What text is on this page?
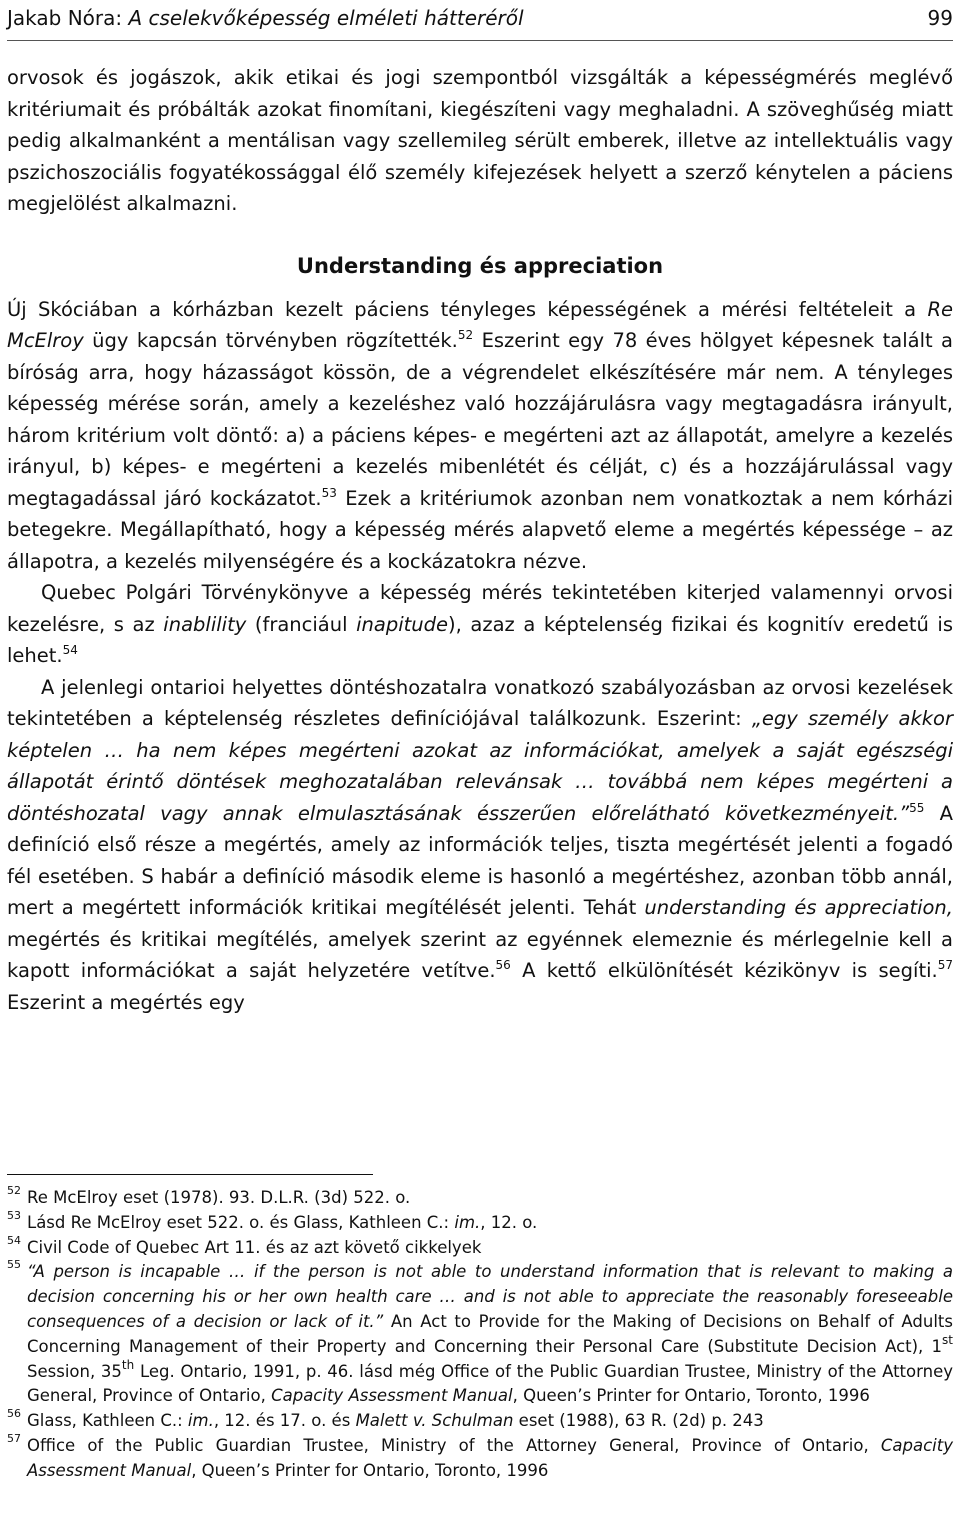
Jakab Nóra: A cselekvőképesség elméleti hátteréről	99

orvosok és jogászok, akik etikai és jogi szempontból vizsgálták a képességmérés meglévő kritériumait és próbálták azokat finomítani, kiegészíteni vagy meghaladni. A szöveghűség miatt pedig alkalmanként a mentálisan vagy szellemileg sérült emberek, illetve az intellektuális vagy pszichoszociális fogyatékossággal élő személy kifejezések helyett a szerző kénytelen a páciens megjelölést alkalmazni.

Understanding és appreciation

Új Skóciában a kórházban kezelt páciens tényleges képességének a mérési feltételeit a Re McElroy ügy kapcsán törvényben rögzítették.$^{52}$ Eszerint egy 78 éves hölgyet képesnek talált a bíróság arra, hogy házasságot kössön, de a végrendelet elkészítésére már nem. A tényleges képesség mérése során, amely a kezeléshez való hozzájárulásra vagy megtagadásra irányult, három kritérium volt döntő: a) a páciens képes- e megérteni azt az állapotát, amelyre a kezelés irányul, b) képes- e megérteni a kezelés mibenlétét és célját, c) és a hozzájárulással vagy megtagadással járó kockázatot.$^{53}$ Ezek a kritériumok azonban nem vonatkoztak a nem kórházi betegekre. Megállapítható, hogy a képesség mérés alapvető eleme a megértés képessége – az állapotra, a kezelés milyenségére és a kockázatokra nézve.

Quebec Polgári Törvénykönyve a képesség mérés tekintetében kiterjed valamennyi orvosi kezelésre, s az inablility (franciául inapitude), azaz a képtelenség fizikai és kognitív eredetű is lehet.$^{54}$

A jelenlegi ontarioi helyettes döntéshozatalra vonatkozó szabályozásban az orvosi kezelések tekintetében a képtelenség részletes definíciójával találkozunk. Eszerint: „egy személy akkor képtelen … ha nem képes megérteni azokat az információkat, amelyek a saját egészségi állapotát érintő döntések meghozatalában relevánsak … továbbá nem képes megérteni a döntéshozatal vagy annak elmulasztásának ésszerűen előrelátható következményeit.”$^{55}$ A definíció első része a megértés, amely az információk teljes, tiszta megértését jelenti a fogadó fél esetében. S habár a definíció második eleme is hasonló a megértéshez, azonban több annál, mert a megértett információk kritikai megítélését jelenti. Tehát understanding és appreciation, megértés és kritikai megítélés, amelyek szerint az egyénnek elemeznie és mérlegelnie kell a kapott információkat a saját helyzetére vetítve.$^{56}$ A kettő elkülönítését kézikönyv is segíti.$^{57}$ Eszerint a megértés egy

52 Re McElroy eset (1978). 93. D.L.R. (3d) 522. o.
53 Lásd Re McElroy eset 522. o. és Glass, Kathleen C.: im., 12. o.
54 Civil Code of Quebec Art 11. és az azt követő cikkelyek
55 “A person is incapable … if the person is not able to understand information that is relevant to making a decision concerning his or her own health care … and is not able to appreciate the reasonably foreseeable consequences of a decision or lack of it.” An Act to Provide for the Making of Decisions on Behalf of Adults Concerning Management of their Property and Concerning their Personal Care (Substitute Decision Act), 1st Session, 35th Leg. Ontario, 1991, p. 46. lásd még Office of the Public Guardian Trustee, Ministry of the Attorney General, Province of Ontario, Capacity Assessment Manual, Queen’s Printer for Ontario, Toronto, 1996
56 Glass, Kathleen C.: im., 12. és 17. o. és Malett v. Schulman eset (1988), 63 R. (2d) p. 243
57 Office of the Public Guardian Trustee, Ministry of the Attorney General, Province of Ontario, Capacity Assessment Manual, Queen’s Printer for Ontario, Toronto, 1996
